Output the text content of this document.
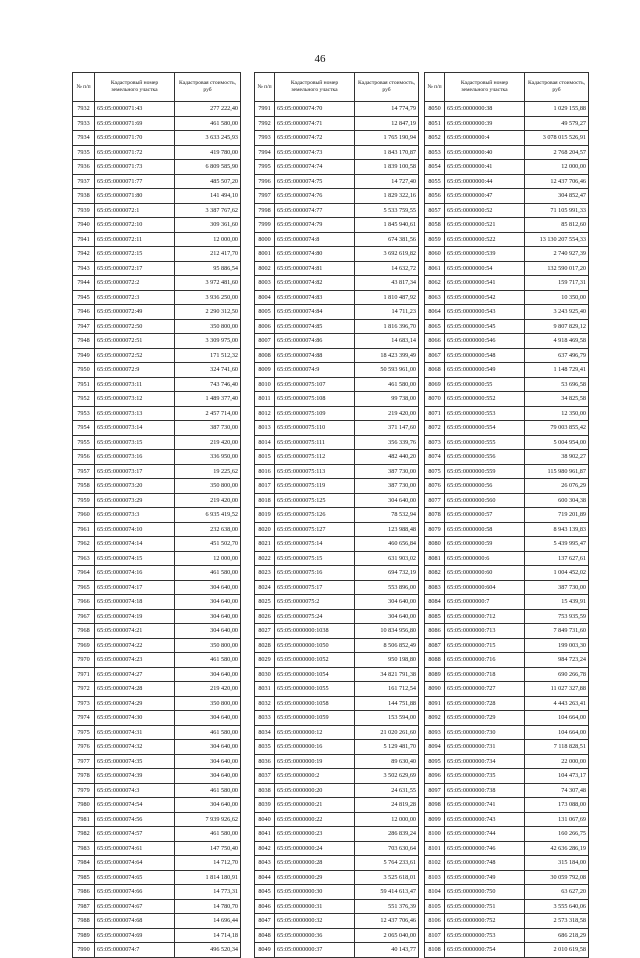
46
№ п/п	Кадастровый номер земельного участка	Кадастровая стоимость, руб
7932	65:05:0000071:43	277 222,40
7933	65:05:0000071:69	461 580,00
7934	65:05:0000071:70	3 633 245,93
7935	65:05:0000071:72	419 780,00
7936	65:05:0000071:73	6 809 585,90
7937	65:05:0000071:77	485 507,20
7938	65:05:0000071:80	141 494,10
7939	65:05:0000072:1	3 387 767,62
7940	65:05:0000072:10	309 361,60
7941	65:05:0000072:11	12 000,00
7942	65:05:0000072:15	212 417,70
7943	65:05:0000072:17	95 886,54
7944	65:05:0000072:2	3 972 481,60
7945	65:05:0000072:3	3 936 250,00
7946	65:05:0000072:49	2 290 312,50
7947	65:05:0000072:50	350 800,00
7948	65:05:0000072:51	3 309 975,00
7949	65:05:0000072:52	171 512,32
7950	65:05:0000072:9	324 741,60
7951	65:05:0000073:11	743 746,40
7952	65:05:0000073:12	1 489 377,40
7953	65:05:0000073:13	2 457 714,00
7954	65:05:0000073:14	387 730,00
7955	65:05:0000073:15	219 420,00
7956	65:05:0000073:16	336 950,00
7957	65:05:0000073:17	19 225,62
7958	65:05:0000073:20	350 800,00
7959	65:05:0000073:29	219 420,00
7960	65:05:0000073:3	6 935 419,52
7961	65:05:0000074:10	232 638,00
7962	65:05:0000074:14	451 502,70
7963	65:05:0000074:15	12 000,00
7964	65:05:0000074:16	461 580,00
7965	65:05:0000074:17	304 640,00
7966	65:05:0000074:18	304 640,00
7967	65:05:0000074:19	304 640,00
7968	65:05:0000074:21	304 640,00
7969	65:05:0000074:22	350 800,00
7970	65:05:0000074:23	461 580,00
7971	65:05:0000074:27	304 640,00
7972	65:05:0000074:28	219 420,00
7973	65:05:0000074:29	350 800,00
7974	65:05:0000074:30	304 640,00
7975	65:05:0000074:31	461 580,00
7976	65:05:0000074:32	304 640,00
7977	65:05:0000074:35	304 640,00
7978	65:05:0000074:39	304 640,00
7979	65:05:0000074:3	461 580,00
7980	65:05:0000074:54	304 640,00
7981	65:05:0000074:56	7 939 926,62
7982	65:05:0000074:57	461 580,00
7983	65:05:0000074:61	147 750,40
7984	65:05:0000074:64	14 712,70
7985	65:05:0000074:65	1 814 180,91
7986	65:05:0000074:66	14 773,31
7987	65:05:0000074:67	14 780,70
7988	65:05:0000074:68	14 696,44
7989	65:05:0000074:69	14 714,18
7990	65:05:0000074:7	496 520,34
№ п/п	Кадастровый номер земельного участка	Кадастровая стоимость, руб
7991	65:05:0000074:70	14 774,79
7992	65:05:0000074:71	12 847,19
7993	65:05:0000074:72	1 765 190,94
7994	65:05:0000074:73	1 843 170,87
7995	65:05:0000074:74	1 839 100,58
7996	65:05:0000074:75	14 727,40
7997	65:05:0000074:76	1 829 322,16
7998	65:05:0000074:77	5 533 759,55
7999	65:05:0000074:79	1 845 940,61
8000	65:05:0000074:8	674 381,56
8001	65:05:0000074:80	3 692 619,82
8002	65:05:0000074:81	14 632,72
8003	65:05:0000074:82	43 817,34
8004	65:05:0000074:83	1 810 487,92
8005	65:05:0000074:84	14 711,23
8006	65:05:0000074:85	1 816 396,70
8007	65:05:0000074:86	14 683,14
8008	65:05:0000074:88	18 423 399,49
8009	65:05:0000074:9	50 593 961,00
8010	65:05:0000075:107	461 580,00
8011	65:05:0000075:108	99 738,00
8012	65:05:0000075:109	219 420,00
8013	65:05:0000075:110	371 147,60
8014	65:05:0000075:111	356 339,76
8015	65:05:0000075:112	482 440,20
8016	65:05:0000075:113	387 730,00
8017	65:05:0000075:119	387 730,00
8018	65:05:0000075:125	304 640,00
8019	65:05:0000075:126	78 532,94
8020	65:05:0000075:127	123 988,48
8021	65:05:0000075:14	460 656,84
8022	65:05:0000075:15	631 903,02
8023	65:05:0000075:16	694 732,19
8024	65:05:0000075:17	553 896,00
8025	65:05:0000075:2	304 640,00
8026	65:05:0000075:24	304 640,00
8027	65:05:0000000:1038	10 834 956,80
8028	65:05:0000000:1050	8 506 852,49
8029	65:05:0000000:1052	950 198,80
8030	65:05:0000000:1054	34 821 791,38
8031	65:05:0000000:1055	161 712,54
8032	65:05:0000000:1058	144 751,88
8033	65:05:0000000:1059	153 594,00
8034	65:05:0000000:12	21 020 261,60
8035	65:05:0000000:16	5 129 481,70
8036	65:05:0000000:19	89 630,40
8037	65:05:0000000:2	3 502 629,69
8038	65:05:0000000:20	24 631,55
8039	65:05:0000000:21	24 819,28
8040	65:05:0000000:22	12 000,00
8041	65:05:0000000:23	286 839,24
8042	65:05:0000000:24	703 630,64
8043	65:05:0000000:28	5 764 233,61
8044	65:05:0000000:29	3 525 618,01
8045	65:05:0000000:30	59 414 613,47
8046	65:05:0000000:31	551 376,39
8047	65:05:0000000:32	12 437 706,46
8048	65:05:0000000:36	2 065 040,00
8049	65:05:0000000:37	40 143,77
№ п/п	Кадастровый номер земельного участка	Кадастровая стоимость, руб
8050	65:05:0000000:38	1 029 155,88
8051	65:05:0000000:39	49 579,27
8052	65:05:0000000:4	3 078 015 526,91
8053	65:05:0000000:40	2 768 204,57
8054	65:05:0000000:41	12 000,00
8055	65:05:0000000:44	12 437 706,46
8056	65:05:0000000:47	304 852,47
8057	65:05:0000000:52	71 105 991,33
8058	65:05:0000000:521	85 812,60
8059	65:05:0000000:522	13 130 207 554,33
8060	65:05:0000000:539	2 740 927,39
8061	65:05:0000000:54	132 590 017,20
8062	65:05:0000000:541	159 717,31
8063	65:05:0000000:542	10 350,00
8064	65:05:0000000:543	3 243 925,40
8065	65:05:0000000:545	9 807 829,12
8066	65:05:0000000:546	4 918 469,58
8067	65:05:0000000:548	637 496,79
8068	65:05:0000000:549	1 148 729,41
8069	65:05:0000000:55	53 696,58
8070	65:05:0000000:552	34 825,58
8071	65:05:0000000:553	12 350,00
8072	65:05:0000000:554	79 003 855,42
8073	65:05:0000000:555	5 004 954,00
8074	65:05:0000000:556	38 902,27
8075	65:05:0000000:559	115 980 961,87
8076	65:05:0000000:56	26 076,29
8077	65:05:0000000:560	600 304,38
8078	65:05:0000000:57	719 201,89
8079	65:05:0000000:58	8 943 139,83
8080	65:05:0000000:59	5 439 995,47
8081	65:05:0000000:6	137 627,61
8082	65:05:0000000:60	1 004 452,02
8083	65:05:0000000:604	387 730,00
8084	65:05:0000000:7	15 439,91
8085	65:05:0000000:712	753 935,59
8086	65:05:0000000:713	7 849 731,60
8087	65:05:0000000:715	199 003,30
8088	65:05:0000000:716	984 723,24
8089	65:05:0000000:718	690 266,78
8090	65:05:0000000:727	11 027 327,88
8091	65:05:0000000:728	4 443 263,41
8092	65:05:0000000:729	104 664,00
8093	65:05:0000000:730	104 664,00
8094	65:05:0000000:731	7 118 828,51
8095	65:05:0000000:734	22 000,00
8096	65:05:0000000:735	104 473,17
8097	65:05:0000000:738	74 307,48
8098	65:05:0000000:741	173 088,00
8099	65:05:0000000:743	131 067,69
8100	65:05:0000000:744	160 266,75
8101	65:05:0000000:746	42 636 286,19
8102	65:05:0000000:748	315 184,00
8103	65:05:0000000:749	30 059 792,08
8104	65:05:0000000:750	63 627,20
8105	65:05:0000000:751	3 555 640,06
8106	65:05:0000000:752	2 573 318,58
8107	65:05:0000000:753	686 218,29
8108	65:05:0000000:754	2 010 619,58
